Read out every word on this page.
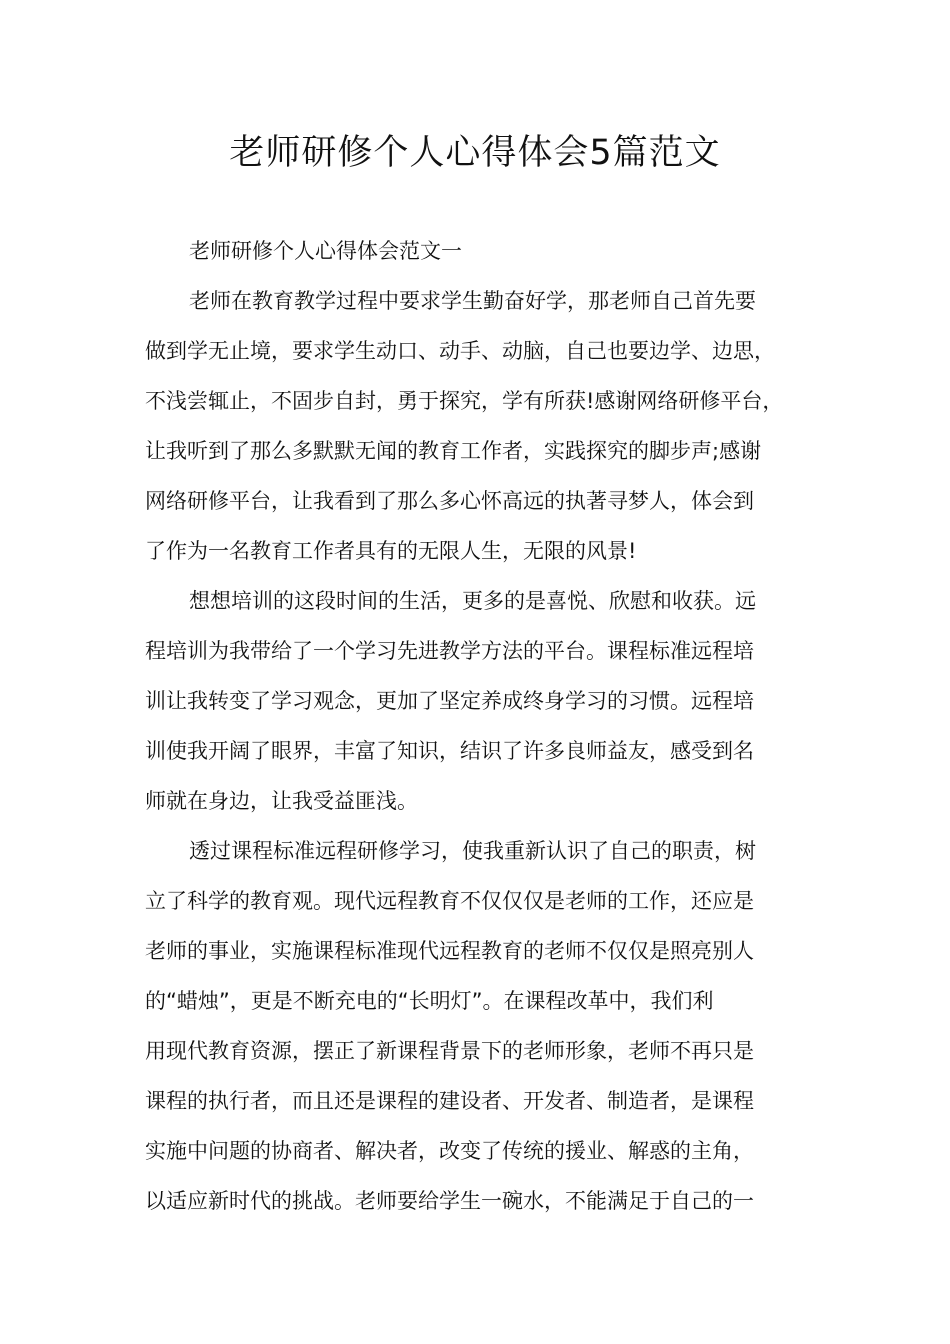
老师研修个人心得体会5篇范文
老师研修个人心得体会范文一
老师在教育教学过程中要求学生勤奋好学，那老师自己首先要
做到学无止境，要求学生动口、动手、动脑，自己也要边学、边思，
不浅尝辄止，不固步自封，勇于探究，学有所获!感谢网络研修平台，
让我听到了那么多默默无闻的教育工作者，实践探究的脚步声;感谢
网络研修平台，让我看到了那么多心怀高远的执著寻梦人，体会到
了作为一名教育工作者具有的无限人生，无限的风景!
想想培训的这段时间的生活，更多的是喜悦、欣慰和收获。远
程培训为我带给了一个学习先进教学方法的平台。课程标准远程培
训让我转变了学习观念，更加了坚定养成终身学习的习惯。远程培
训使我开阔了眼界，丰富了知识，结识了许多良师益友，感受到名
师就在身边，让我受益匪浅。
透过课程标准远程研修学习，使我重新认识了自己的职责，树
立了科学的教育观。现代远程教育不仅仅仅是老师的工作，还应是
老师的事业，实施课程标准现代远程教育的老师不仅仅是照亮别人
的“蜡烛”，更是不断充电的“长明灯”。在课程改革中，我们利
用现代教育资源，摆正了新课程背景下的老师形象，老师不再只是
课程的执行者，而且还是课程的建设者、开发者、制造者，是课程
实施中问题的协商者、解决者，改变了传统的援业、解惑的主角，
以适应新时代的挑战。老师要给学生一碗水，不能满足于自己的一
